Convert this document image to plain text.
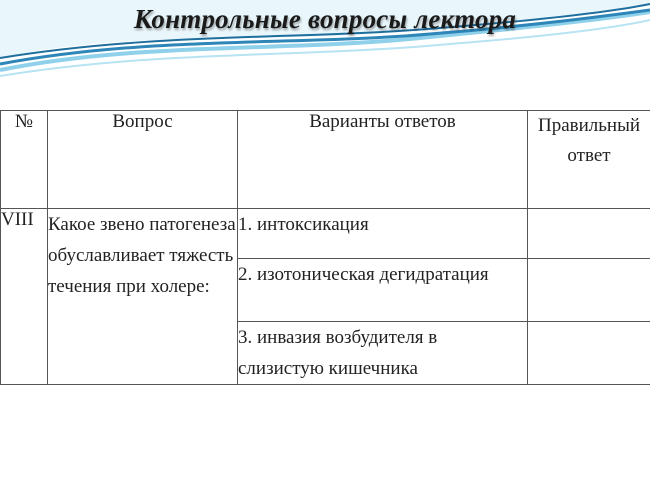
Контрольные вопросы лектора
№	Вопрос	Варианты ответов	Правильный ответ
VIII	Какое звено патогенеза обуславливает тяжесть течения при холере:	1. интоксикация	
		2. изотоническая дегидратация	
		3. инвазия возбудителя в слизистую кишечника	
